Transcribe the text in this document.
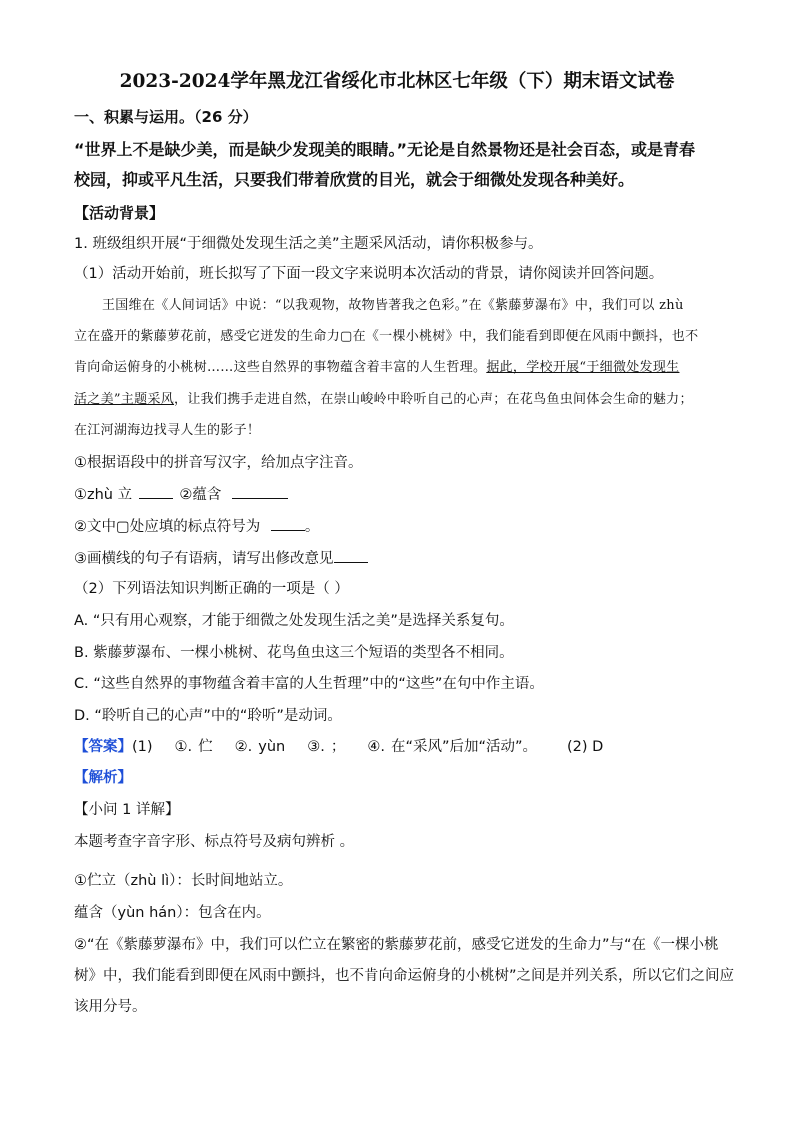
2023-2024学年黑龙江省绥化市北林区七年级（下）期末语文试卷
一、积累与运用。（26 分）
“世界上不是缺少美，而是缺少发现美的眼睛。”无论是自然景物还是社会百态，或是青春
校园，抑或平凡生活，只要我们带着欣赏的目光，就会于细微处发现各种美好。
【活动背景】
1. 班级组织开展“于细微处发现生活之美”主题采风活动，请你积极参与。
（1）活动开始前，班长拟写了下面一段文字来说明本次活动的背景，请你阅读并回答问题。
王国维在《人间词话》中说：“以我观物，故物皆著我之色彩。”在《紫藤萝瀑布》中，我们可以 zhù
立在盛开的紫藤萝花前，感受它迸发的生命力▢在《一棵小桃树》中，我们能看到即便在风雨中颤抖，也不
肯向命运俯身的小桃树……这些自然界的事物蕴含着丰富的人生哲理。据此，学校开展“于细微处发现生
活之美”主题采风，让我们携手走进自然，在崇山峻岭中聆听自己的心声；在花鸟鱼虫间体会生命的魅力；
在江河湖海边找寻人生的影子！
①根据语段中的拼音写汉字，给加点字注音。
①zhù 立	②蕴含
②文中▢处应填的标点符号为	。
③画横线的句子有语病，请写出修改意见
（2）下列语法知识判断正确的一项是（ ）
A. “只有用心观察，才能于细微之处发现生活之美”是选择关系复句。
B. 紫藤萝瀑布、一棵小桃树、花鸟鱼虫这三个短语的类型各不相同。
C. “这些自然界的事物蕴含着丰富的人生哲理”中的“这些”在句中作主语。
D. “聆听自己的心声”中的“聆听”是动词。
【答案】(1) ①. 伫 ②. yùn ③. ； ④. 在“采风”后加“活动”。 (2) D
【解析】
【小问 1 详解】
本题考查字音字形、标点符号及病句辨析 。
①伫立（zhù lì）：长时间地站立。
蕴含（yùn hán）：包含在内。
②“在《紫藤萝瀑布》中，我们可以伫立在繁密的紫藤萝花前，感受它迸发的生命力”与“在《一棵小桃
树》中，我们能看到即便在风雨中颤抖，也不肯向命运俯身的小桃树”之间是并列关系，所以它们之间应
该用分号。
